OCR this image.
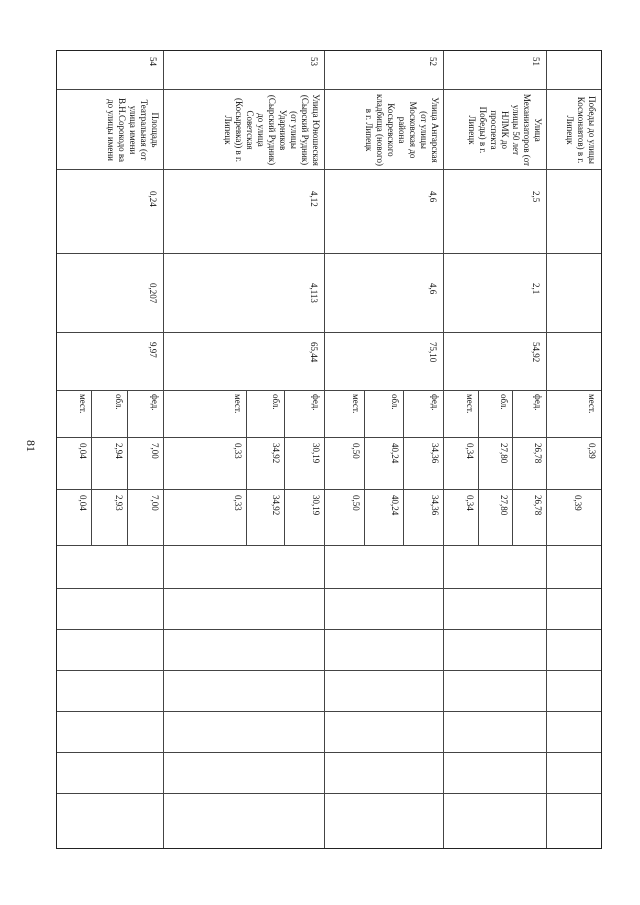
81
Победы до улицы Космонавтов) в г. Липецк
мест.
0,39
0,39
51
Улица Механизаторов (от улицы 50 лет НЛМК до проспекта Победы) в г. Липецк
2,5
2,1
54,92
фед.
26,78
26,78
обл.
27,80
27,80
мест.
0,34
0,34
52
Улица Ангарская (от улицы Московская до района Косыревского кладбища (нового) в г. Липецк
4,6
4,6
75,10
фед.
34,36
34,36
обл.
40,24
40,24
мест.
0,50
0,50
53
Улица Юношеская (Сырский Рудник) (от улицы Ударников (Сырский Рудник) до улица Советская (Косыревка)) в г. Липецк
4,12
4,113
65,44
фед.
30,19
30,19
обл.
34,92
34,92
мест.
0,33
0,33
54
Площадь Театральная (от улица имени В.Н.Сорокодо ва до улицы имени
0,24
0,207
9,97
фед.
7,00
7,00
обл.
2,94
2,93
мест.
0,04
0,04
